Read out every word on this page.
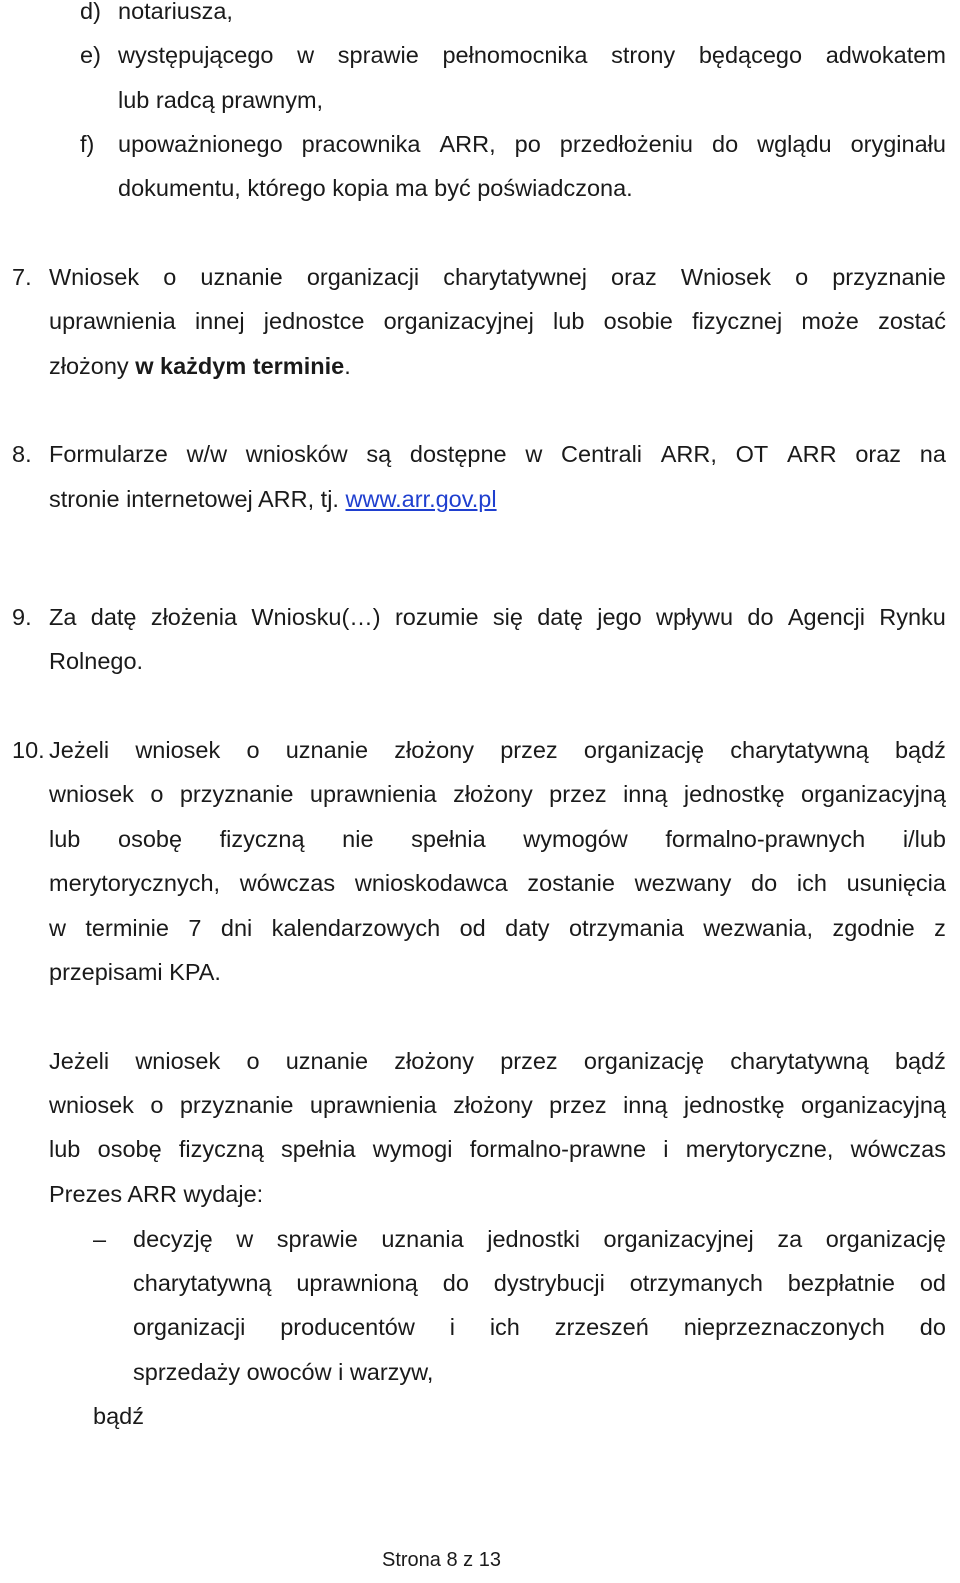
d) notariusza,
e) występującego w sprawie pełnomocnika strony będącego adwokatem
lub radcą prawnym,
f) upoważnionego pracownika ARR, po przedłożeniu do wglądu oryginału
dokumentu, którego kopia ma być poświadczona.
7. Wniosek o uznanie organizacji charytatywnej oraz Wniosek o przyznanie
uprawnienia innej jednostce organizacyjnej lub osobie fizycznej może zostać
złożony w każdym terminie.
8. Formularze w/w wniosków są dostępne w Centrali ARR, OT ARR oraz na
stronie internetowej ARR, tj. www.arr.gov.pl
9. Za datę złożenia Wniosku(…) rozumie się datę jego wpływu do Agencji Rynku
Rolnego.
10. Jeżeli wniosek o uznanie złożony przez organizację charytatywną bądź
wniosek o przyznanie uprawnienia złożony przez inną jednostkę organizacyjną
lub osobę fizyczną nie spełnia wymogów formalno-prawnych i/lub
merytorycznych, wówczas wnioskodawca zostanie wezwany do ich usunięcia
w terminie 7 dni kalendarzowych od daty otrzymania wezwania, zgodnie z
przepisami KPA.
Jeżeli wniosek o uznanie złożony przez organizację charytatywną bądź
wniosek o przyznanie uprawnienia złożony przez inną jednostkę organizacyjną
lub osobę fizyczną spełnia wymogi formalno-prawne i merytoryczne, wówczas
Prezes ARR wydaje:
– decyzję w sprawie uznania jednostki organizacyjnej za organizację
charytatywną uprawnioną do dystrybucji otrzymanych bezpłatnie od
organizacji producentów i ich zrzeszeń nieprzeznaczonych do
sprzedaży owoców i warzyw,
bądź
Strona 8 z 13
